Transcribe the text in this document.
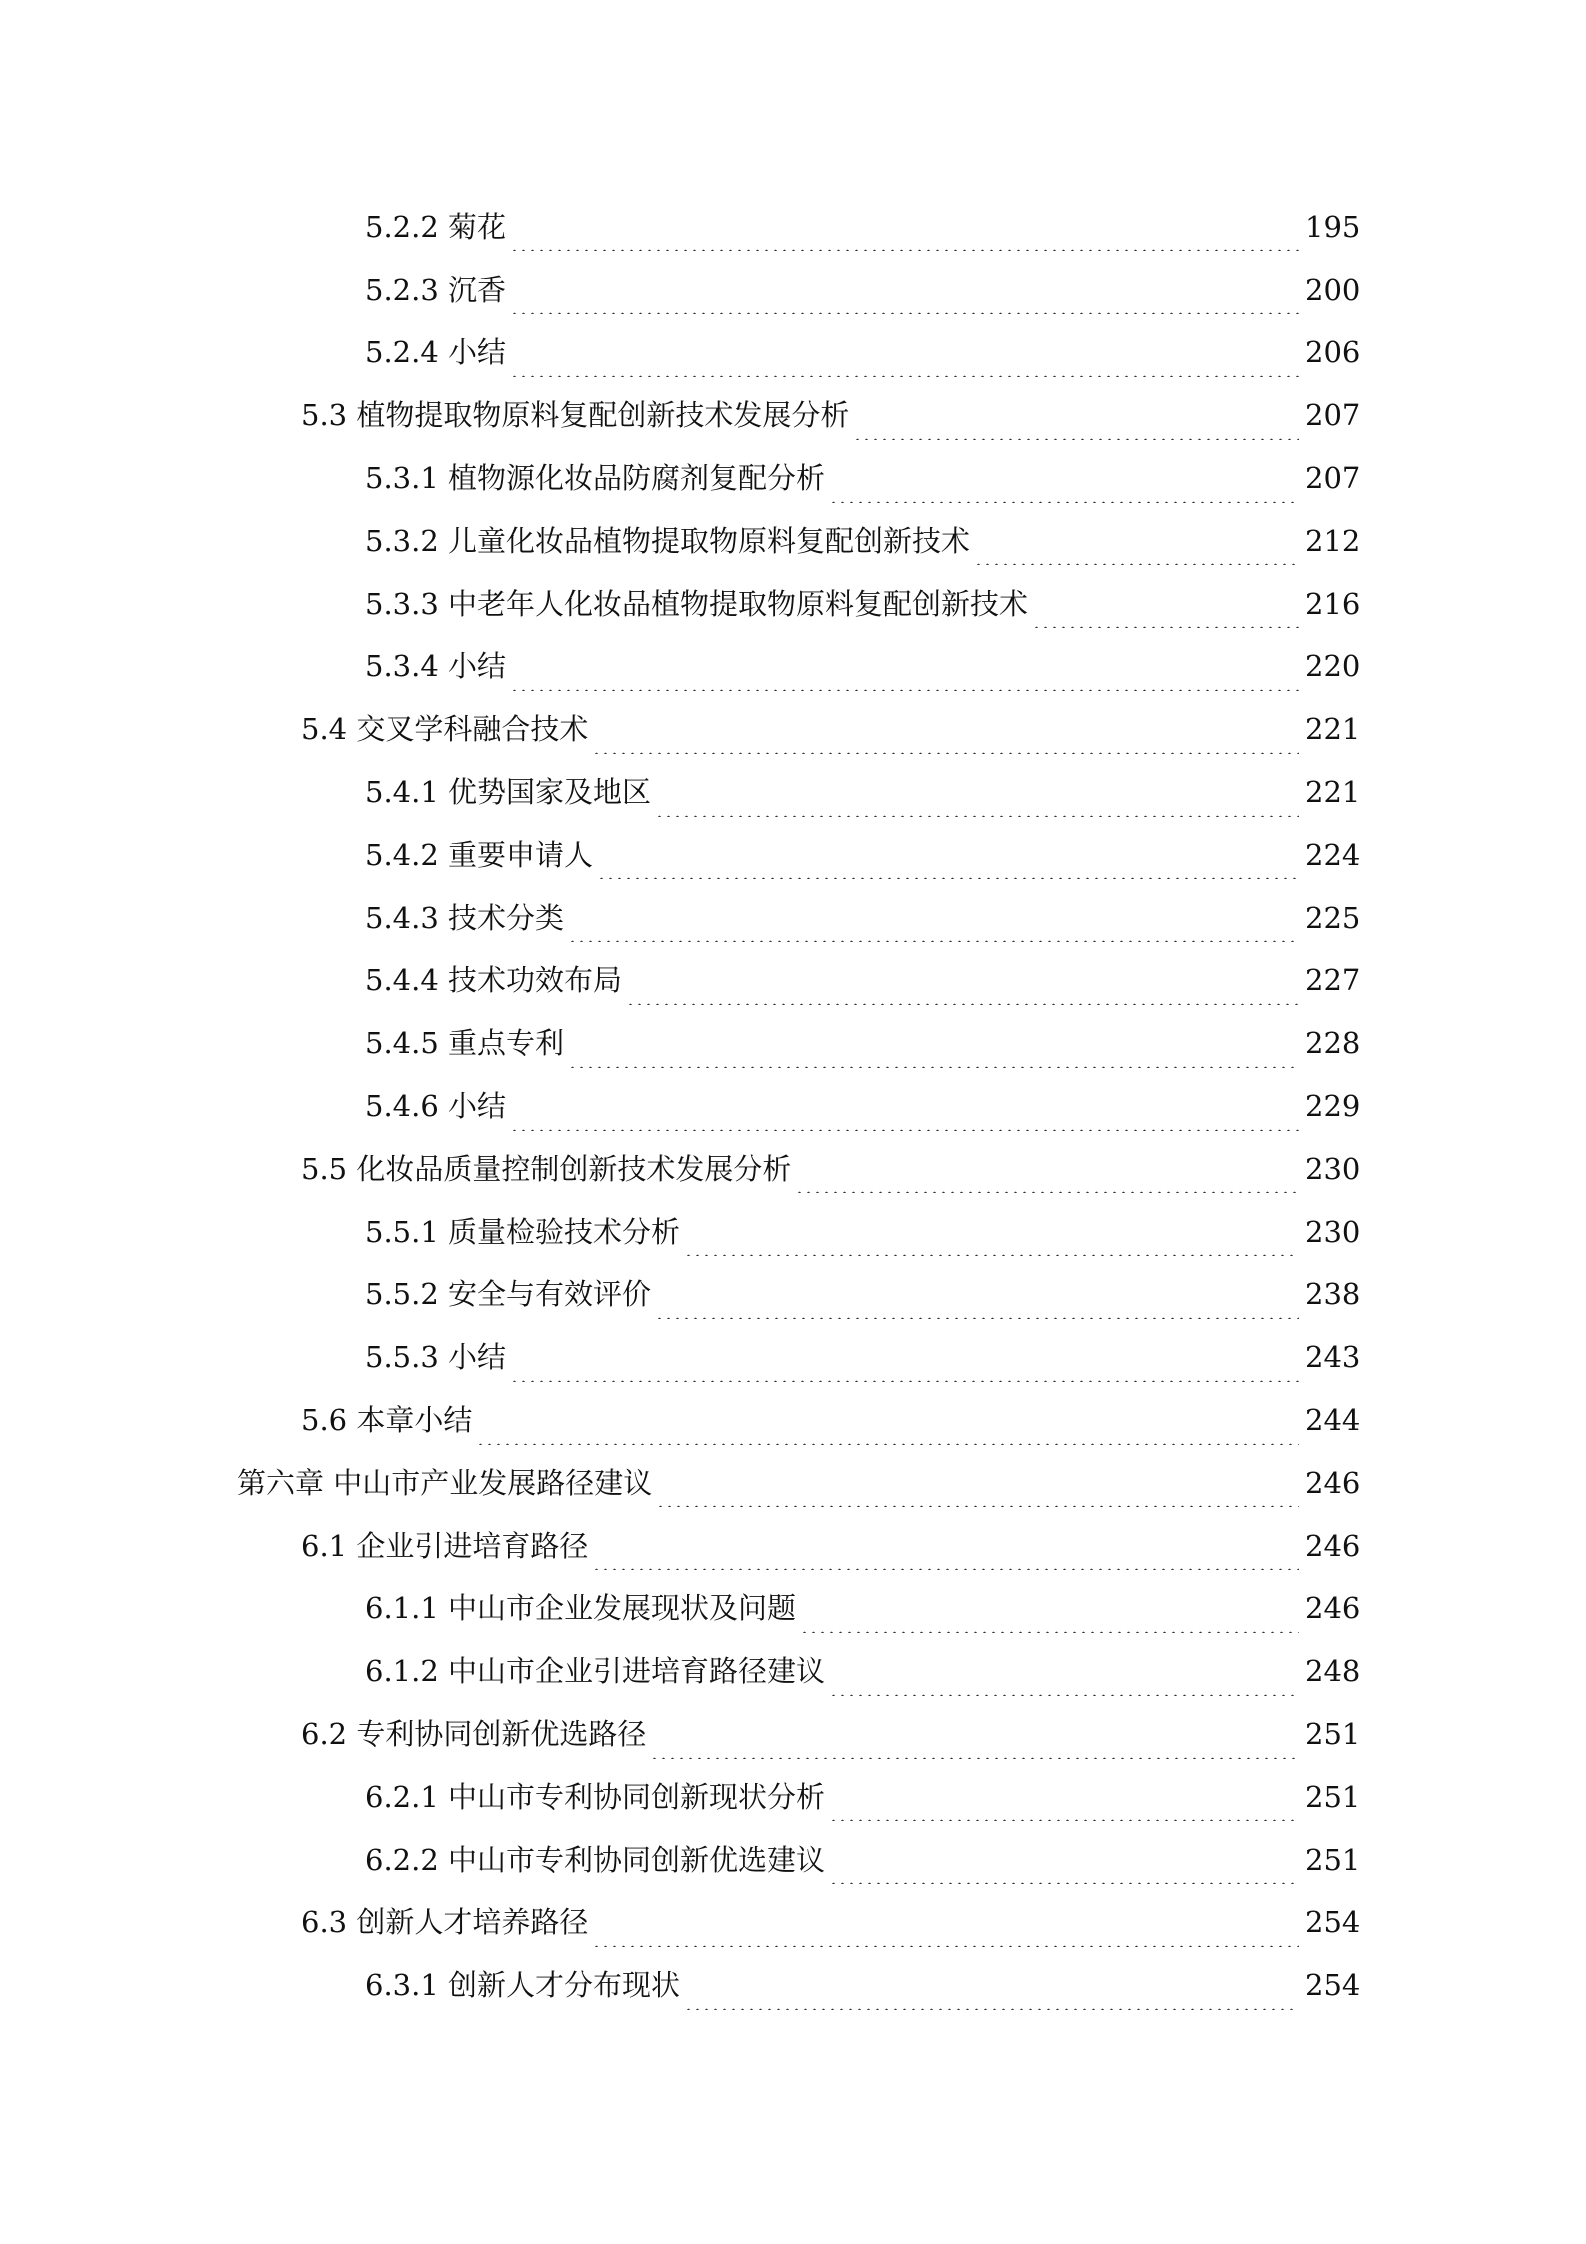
5.2.2 菊花	195
5.2.3 沉香	200
5.2.4 小结	206
5.3 植物提取物原料复配创新技术发展分析	207
5.3.1 植物源化妆品防腐剂复配分析	207
5.3.2 儿童化妆品植物提取物原料复配创新技术	212
5.3.3 中老年人化妆品植物提取物原料复配创新技术	216
5.3.4 小结	220
5.4 交叉学科融合技术	221
5.4.1 优势国家及地区	221
5.4.2 重要申请人	224
5.4.3 技术分类	225
5.4.4 技术功效布局	227
5.4.5 重点专利	228
5.4.6 小结	229
5.5 化妆品质量控制创新技术发展分析	230
5.5.1 质量检验技术分析	230
5.5.2 安全与有效评价	238
5.5.3 小结	243
5.6 本章小结	244
第六章 中山市产业发展路径建议	246
6.1 企业引进培育路径	246
6.1.1 中山市企业发展现状及问题	246
6.1.2 中山市企业引进培育路径建议	248
6.2 专利协同创新优选路径	251
6.2.1 中山市专利协同创新现状分析	251
6.2.2 中山市专利协同创新优选建议	251
6.3 创新人才培养路径	254
6.3.1 创新人才分布现状	254
